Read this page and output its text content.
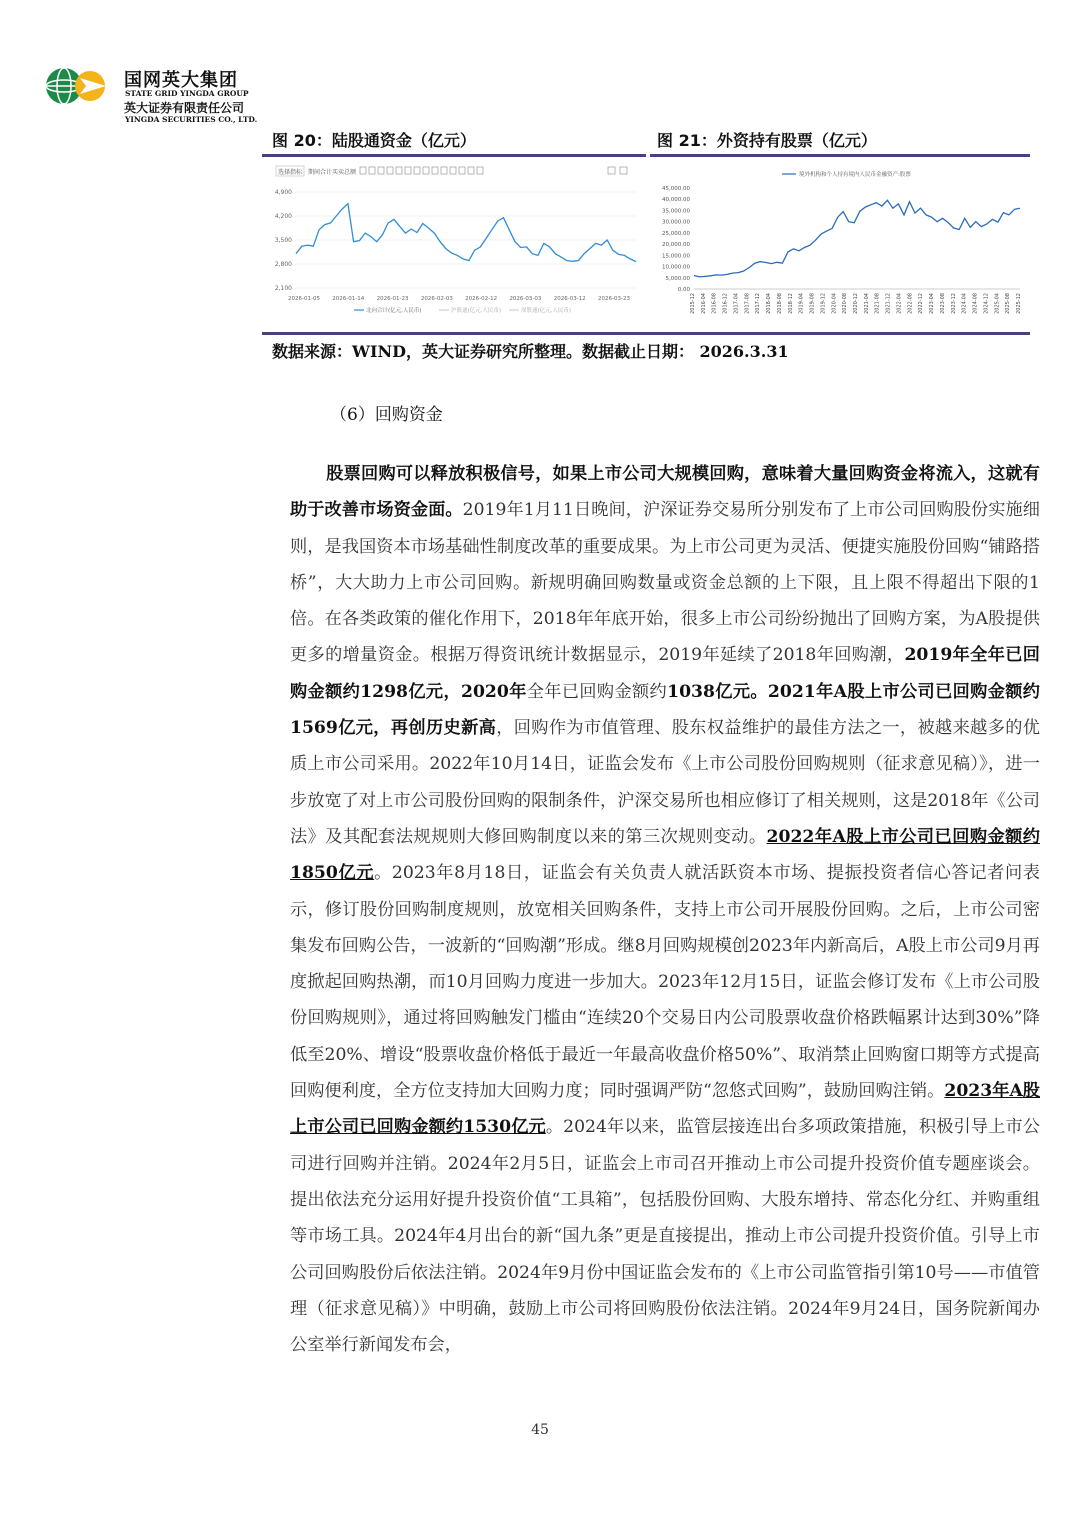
国网英大集团
STATE GRID YINGDA GROUP
英大证券有限责任公司
YINGDA SECURITIES CO., LTD.
图 20：陆股通资金（亿元）	图 21：外资持有股票（亿元）
选择指标 期间合计买卖总额
4,900
4,200
3,500
2,800
2,100
2026-01-05 2026-01-14 2026-01-23 2026-02-03 2026-02-12 2026-03-03 2026-03-12 2026-03-23
北向合计(亿元,人民币)	沪股通(亿元,人民币)	深股通(亿元,人民币)
境外机构和个人持有境内人民币金融资产:股票
45,000.00
40,000.00
35,000.00
30,000.00
25,000.00
20,000.00
15,000.00
10,000.00
5,000.00
0.00
2015-12 2016-04 2016-08 2016-12 2017-04 2017-08 2017-12 2018-04 2018-08 2018-12 2019-04 2019-08 2019-12 2020-04 2020-08 2020-12 2021-04 2021-08 2021-12 2022-04 2022-08 2022-12 2023-04 2023-08 2023-12 2024-04 2024-08 2024-12 2025-04 2025-08 2025-12
数据来源：WIND，英大证券研究所整理。数据截止日期： 2026.3.31
（6）回购资金
股票回购可以释放积极信号，如果上市公司大规模回购，意味着大量回购资金将流入，这就有助于改善市场资金面。2019年1月11日晚间，沪深证券交易所分别发布了上市公司回购股份实施细则，是我国资本市场基础性制度改革的重要成果。为上市公司更为灵活、便捷实施股份回购“铺路搭桥”，大大助力上市公司回购。新规明确回购数量或资金总额的上下限，且上限不得超出下限的1倍。在各类政策的催化作用下，2018年年底开始，很多上市公司纷纷抛出了回购方案，为A股提供更多的增量资金。根据万得资讯统计数据显示，2019年延续了2018年回购潮，2019年全年已回购金额约1298亿元，2020年全年已回购金额约1038亿元。2021年A股上市公司已回购金额约1569亿元，再创历史新高，回购作为市值管理、股东权益维护的最佳方法之一，被越来越多的优质上市公司采用。2022年10月14日，证监会发布《上市公司股份回购规则（征求意见稿）》，进一步放宽了对上市公司股份回购的限制条件，沪深交易所也相应修订了相关规则，这是2018年《公司法》及其配套法规规则大修回购制度以来的第三次规则变动。2022年A股上市公司已回购金额约1850亿元。2023年8月18日，证监会有关负责人就活跃资本市场、提振投资者信心答记者问表示，修订股份回购制度规则，放宽相关回购条件，支持上市公司开展股份回购。之后，上市公司密集发布回购公告，一波新的“回购潮”形成。继8月回购规模创2023年内新高后，A股上市公司9月再度掀起回购热潮，而10月回购力度进一步加大。2023年12月15日，证监会修订发布《上市公司股份回购规则》，通过将回购触发门槛由“连续20个交易日内公司股票收盘价格跌幅累计达到30%”降低至20%、增设“股票收盘价格低于最近一年最高收盘价格50%”、取消禁止回购窗口期等方式提高回购便利度，全方位支持加大回购力度；同时强调严防“忽悠式回购”，鼓励回购注销。2023年A股上市公司已回购金额约1530亿元。2024年以来，监管层接连出台多项政策措施，积极引导上市公司进行回购并注销。2024年2月5日，证监会上市司召开推动上市公司提升投资价值专题座谈会。提出依法充分运用好提升投资价值“工具箱”，包括股份回购、大股东增持、常态化分红、并购重组等市场工具。2024年4月出台的新“国九条”更是直接提出，推动上市公司提升投资价值。引导上市公司回购股份后依法注销。2024年9月份中国证监会发布的《上市公司监管指引第10号——市值管理（征求意见稿）》中明确，鼓励上市公司将回购股份依法注销。2024年9月24日，国务院新闻办公室举行新闻发布会，
45
